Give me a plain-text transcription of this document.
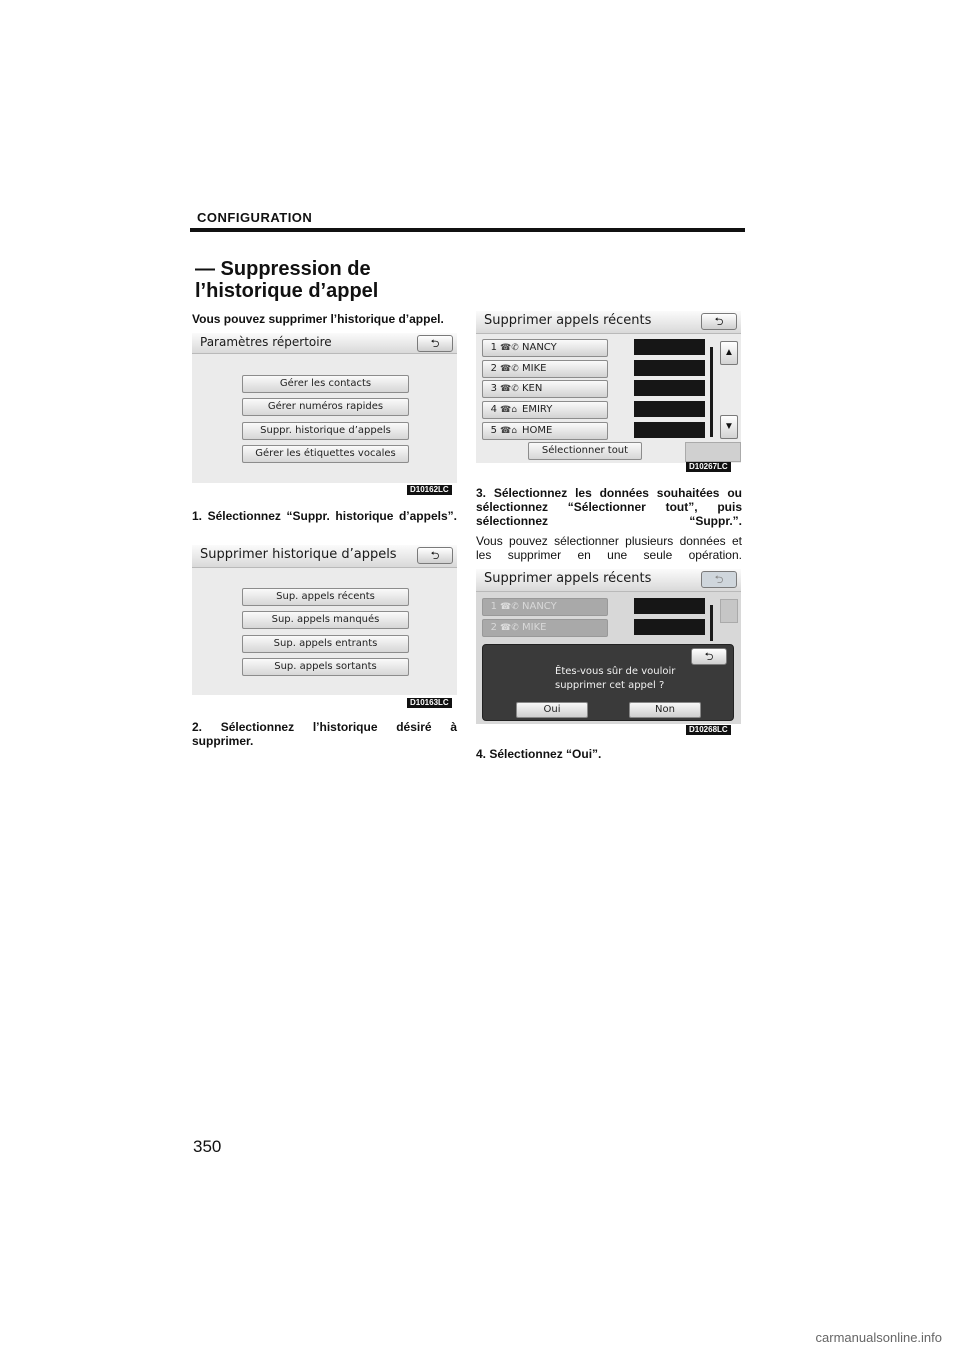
CONFIGURATION
— Suppression de l’historique d’appel
Vous pouvez supprimer l’historique d’appel.
Paramètres répertoire	⮌
Gérer les contacts
Gérer numéros rapides
Suppr. historique d’appels
Gérer les étiquettes vocales
D10162LC
1. Sélectionnez “Suppr. historique d’appels”.
Supprimer historique d’appels	⮌
Sup. appels récents
Sup. appels manqués
Sup. appels entrants
Sup. appels sortants
D10163LC
2. Sélectionnez l’historique désiré à supprimer.
Supprimer appels récents	⮌
1 ☎✆ NANCY
2 ☎✆ MIKE
3 ☎✆ KEN
4 ☎⌂ EMIRY
5 ☎⌂ HOME
▲
▼
Sélectionner tout
D10267LC
3. Sélectionnez les données souhaitées ou sélectionnez “Sélectionner tout”, puis sélectionnez “Suppr.”.
Vous pouvez sélectionner plusieurs données et les supprimer en une seule opération.
Supprimer appels récents	⮌
1 ☎✆ NANCY
2 ☎✆ MIKE
⮌
Êtes-vous sûr de vouloir
supprimer cet appel ?
Oui	Non
D10268LC
4. Sélectionnez “Oui”.
350
carmanualsonline.info
